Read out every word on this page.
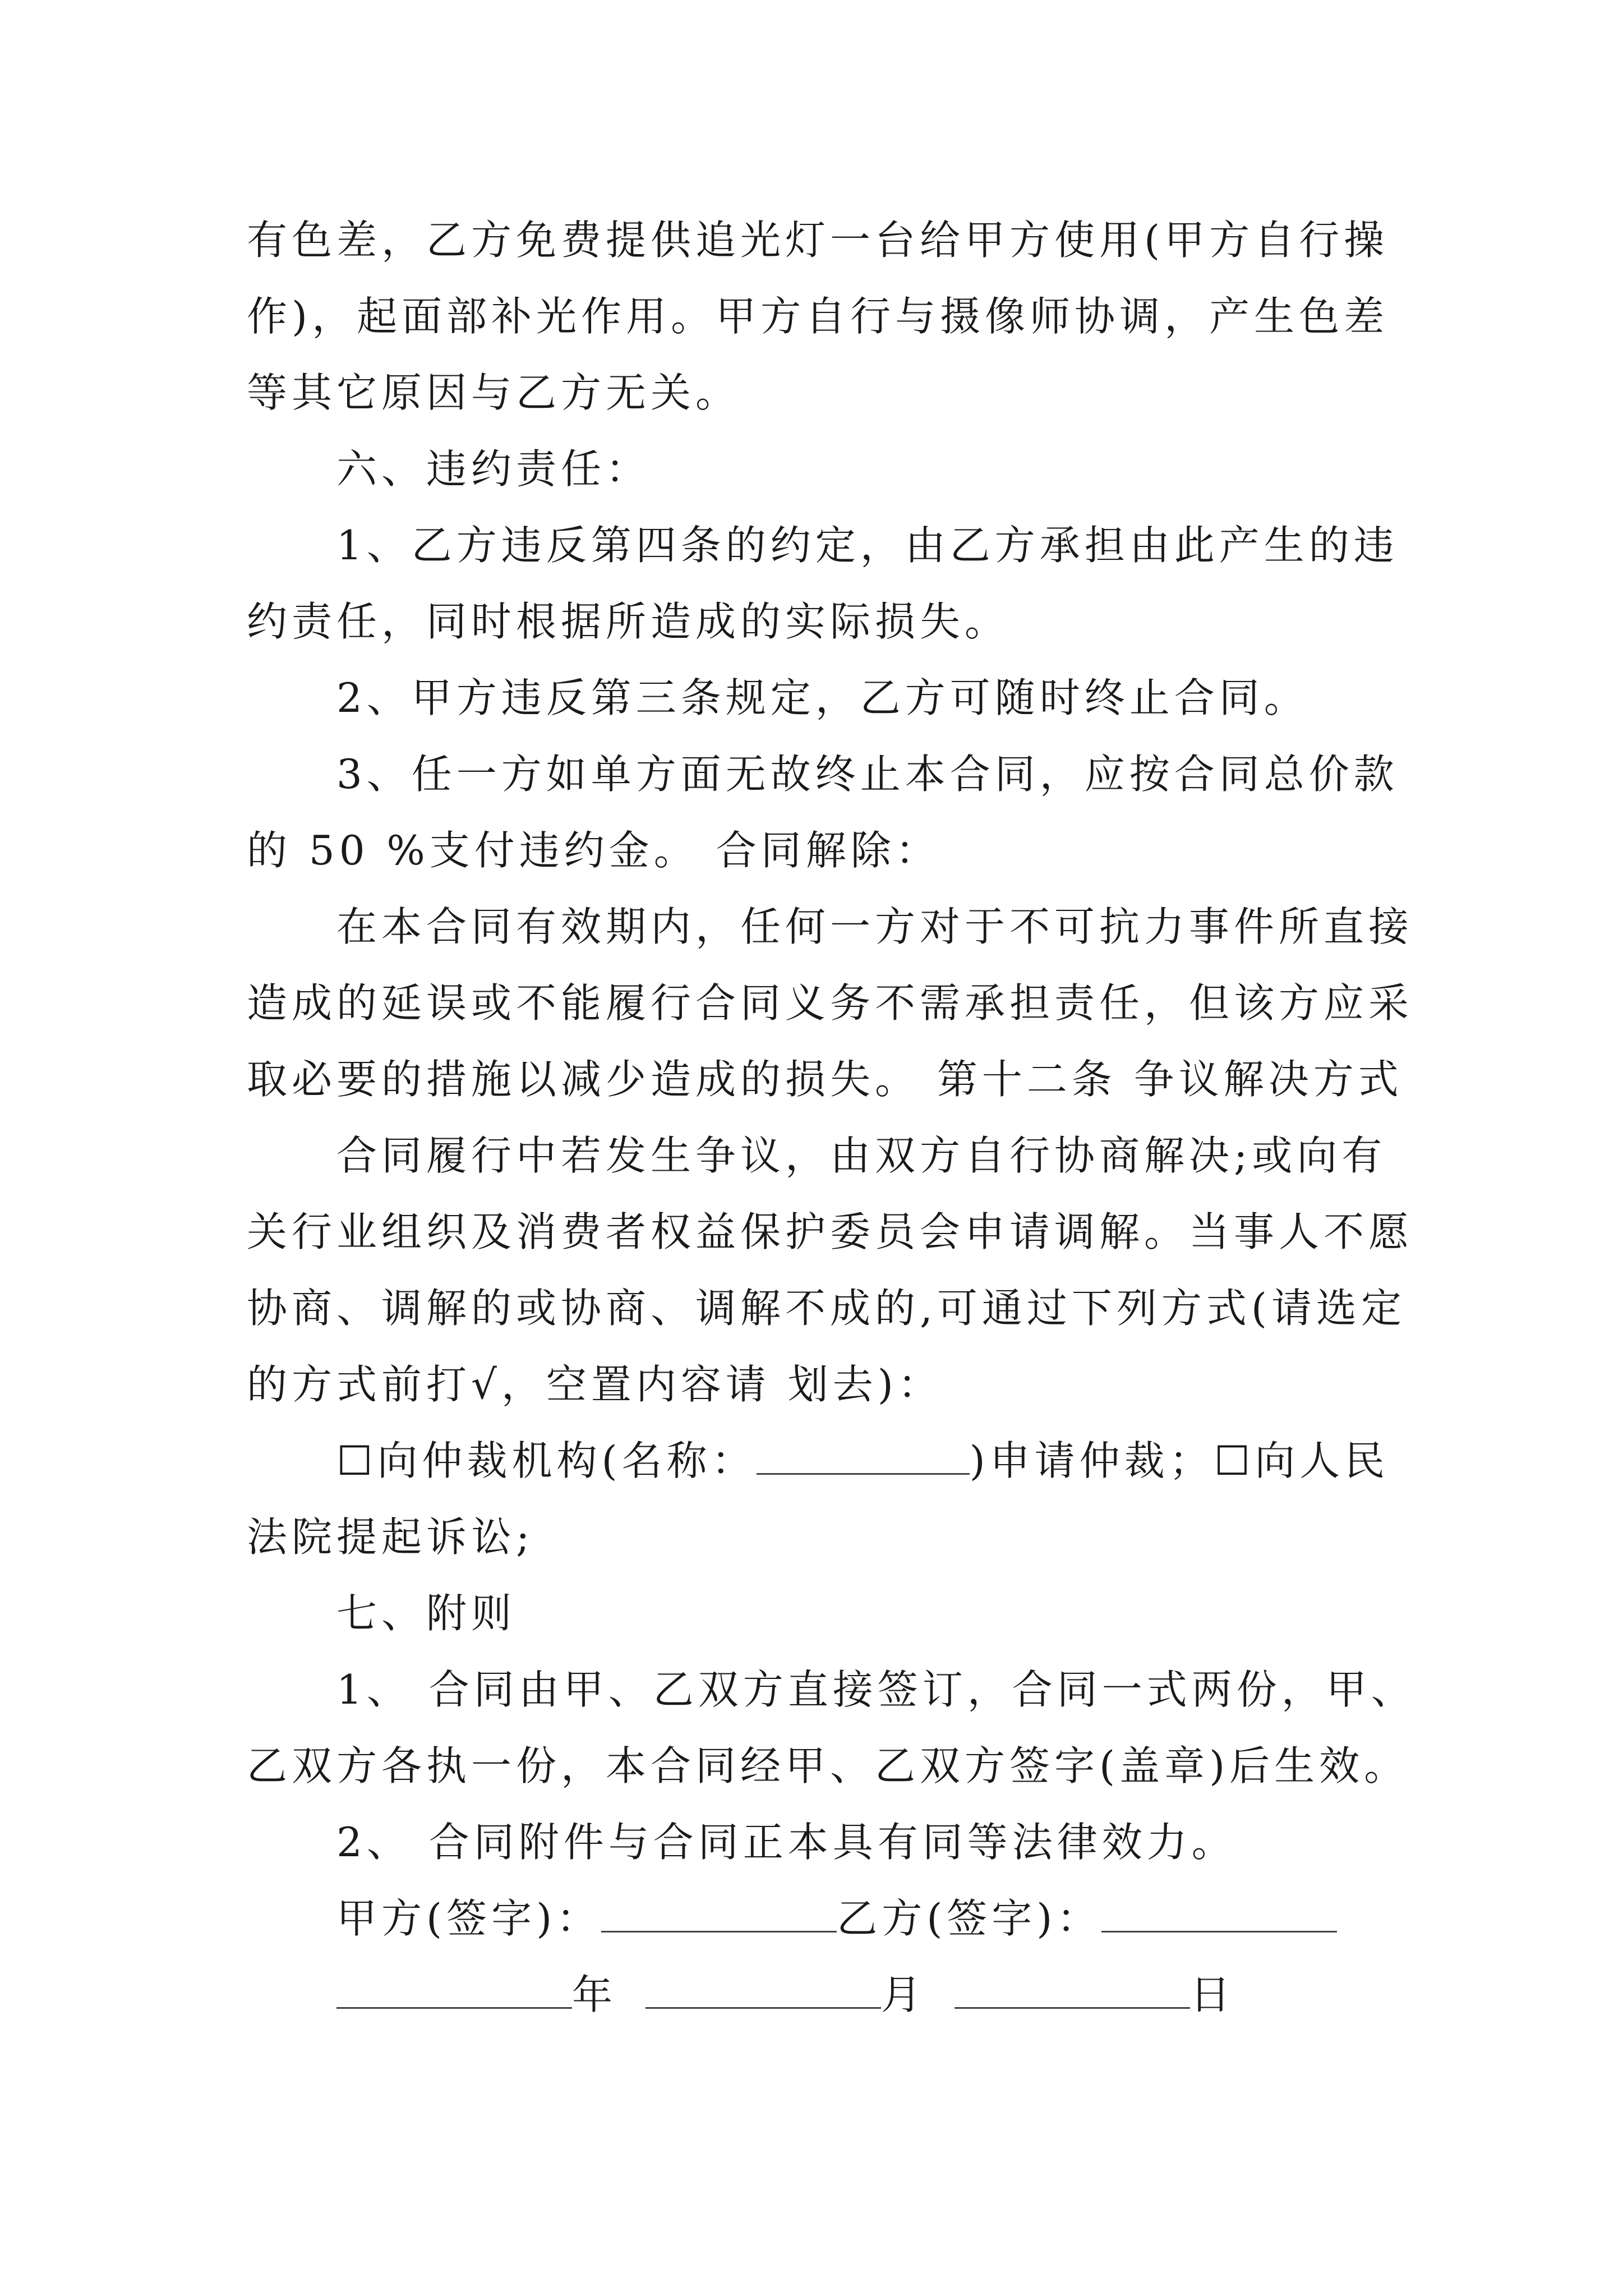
有色差，乙方免费提供追光灯一台给甲方使用(甲方自行操
作)，起面部补光作用。甲方自行与摄像师协调，产生色差
等其它原因与乙方无关。
六、违约责任：
1、乙方违反第四条的约定，由乙方承担由此产生的违
约责任，同时根据所造成的实际损失。
2、甲方违反第三条规定，乙方可随时终止合同。
3、任一方如单方面无故终止本合同，应按合同总价款
的 50 %支付违约金。 合同解除：
在本合同有效期内，任何一方对于不可抗力事件所直接
造成的延误或不能履行合同义务不需承担责任，但该方应采
取必要的措施以减少造成的损失。 第十二条 争议解决方式
合同履行中若发生争议，由双方自行协商解决;或向有
关行业组织及消费者权益保护委员会申请调解。当事人不愿
协商、调解的或协商、调解不成的,可通过下列方式(请选定
的方式前打√，空置内容请 划去)：
☐向仲裁机构(名称：	)申请仲裁；☐向人民
法院提起诉讼;
七、附则
1、 合同由甲、乙双方直接签订，合同一式两份，甲、
乙双方各执一份，本合同经甲、乙双方签字(盖章)后生效。
2、 合同附件与合同正本具有同等法律效力。
甲方(签字)：	乙方(签字)：
年	月	日
